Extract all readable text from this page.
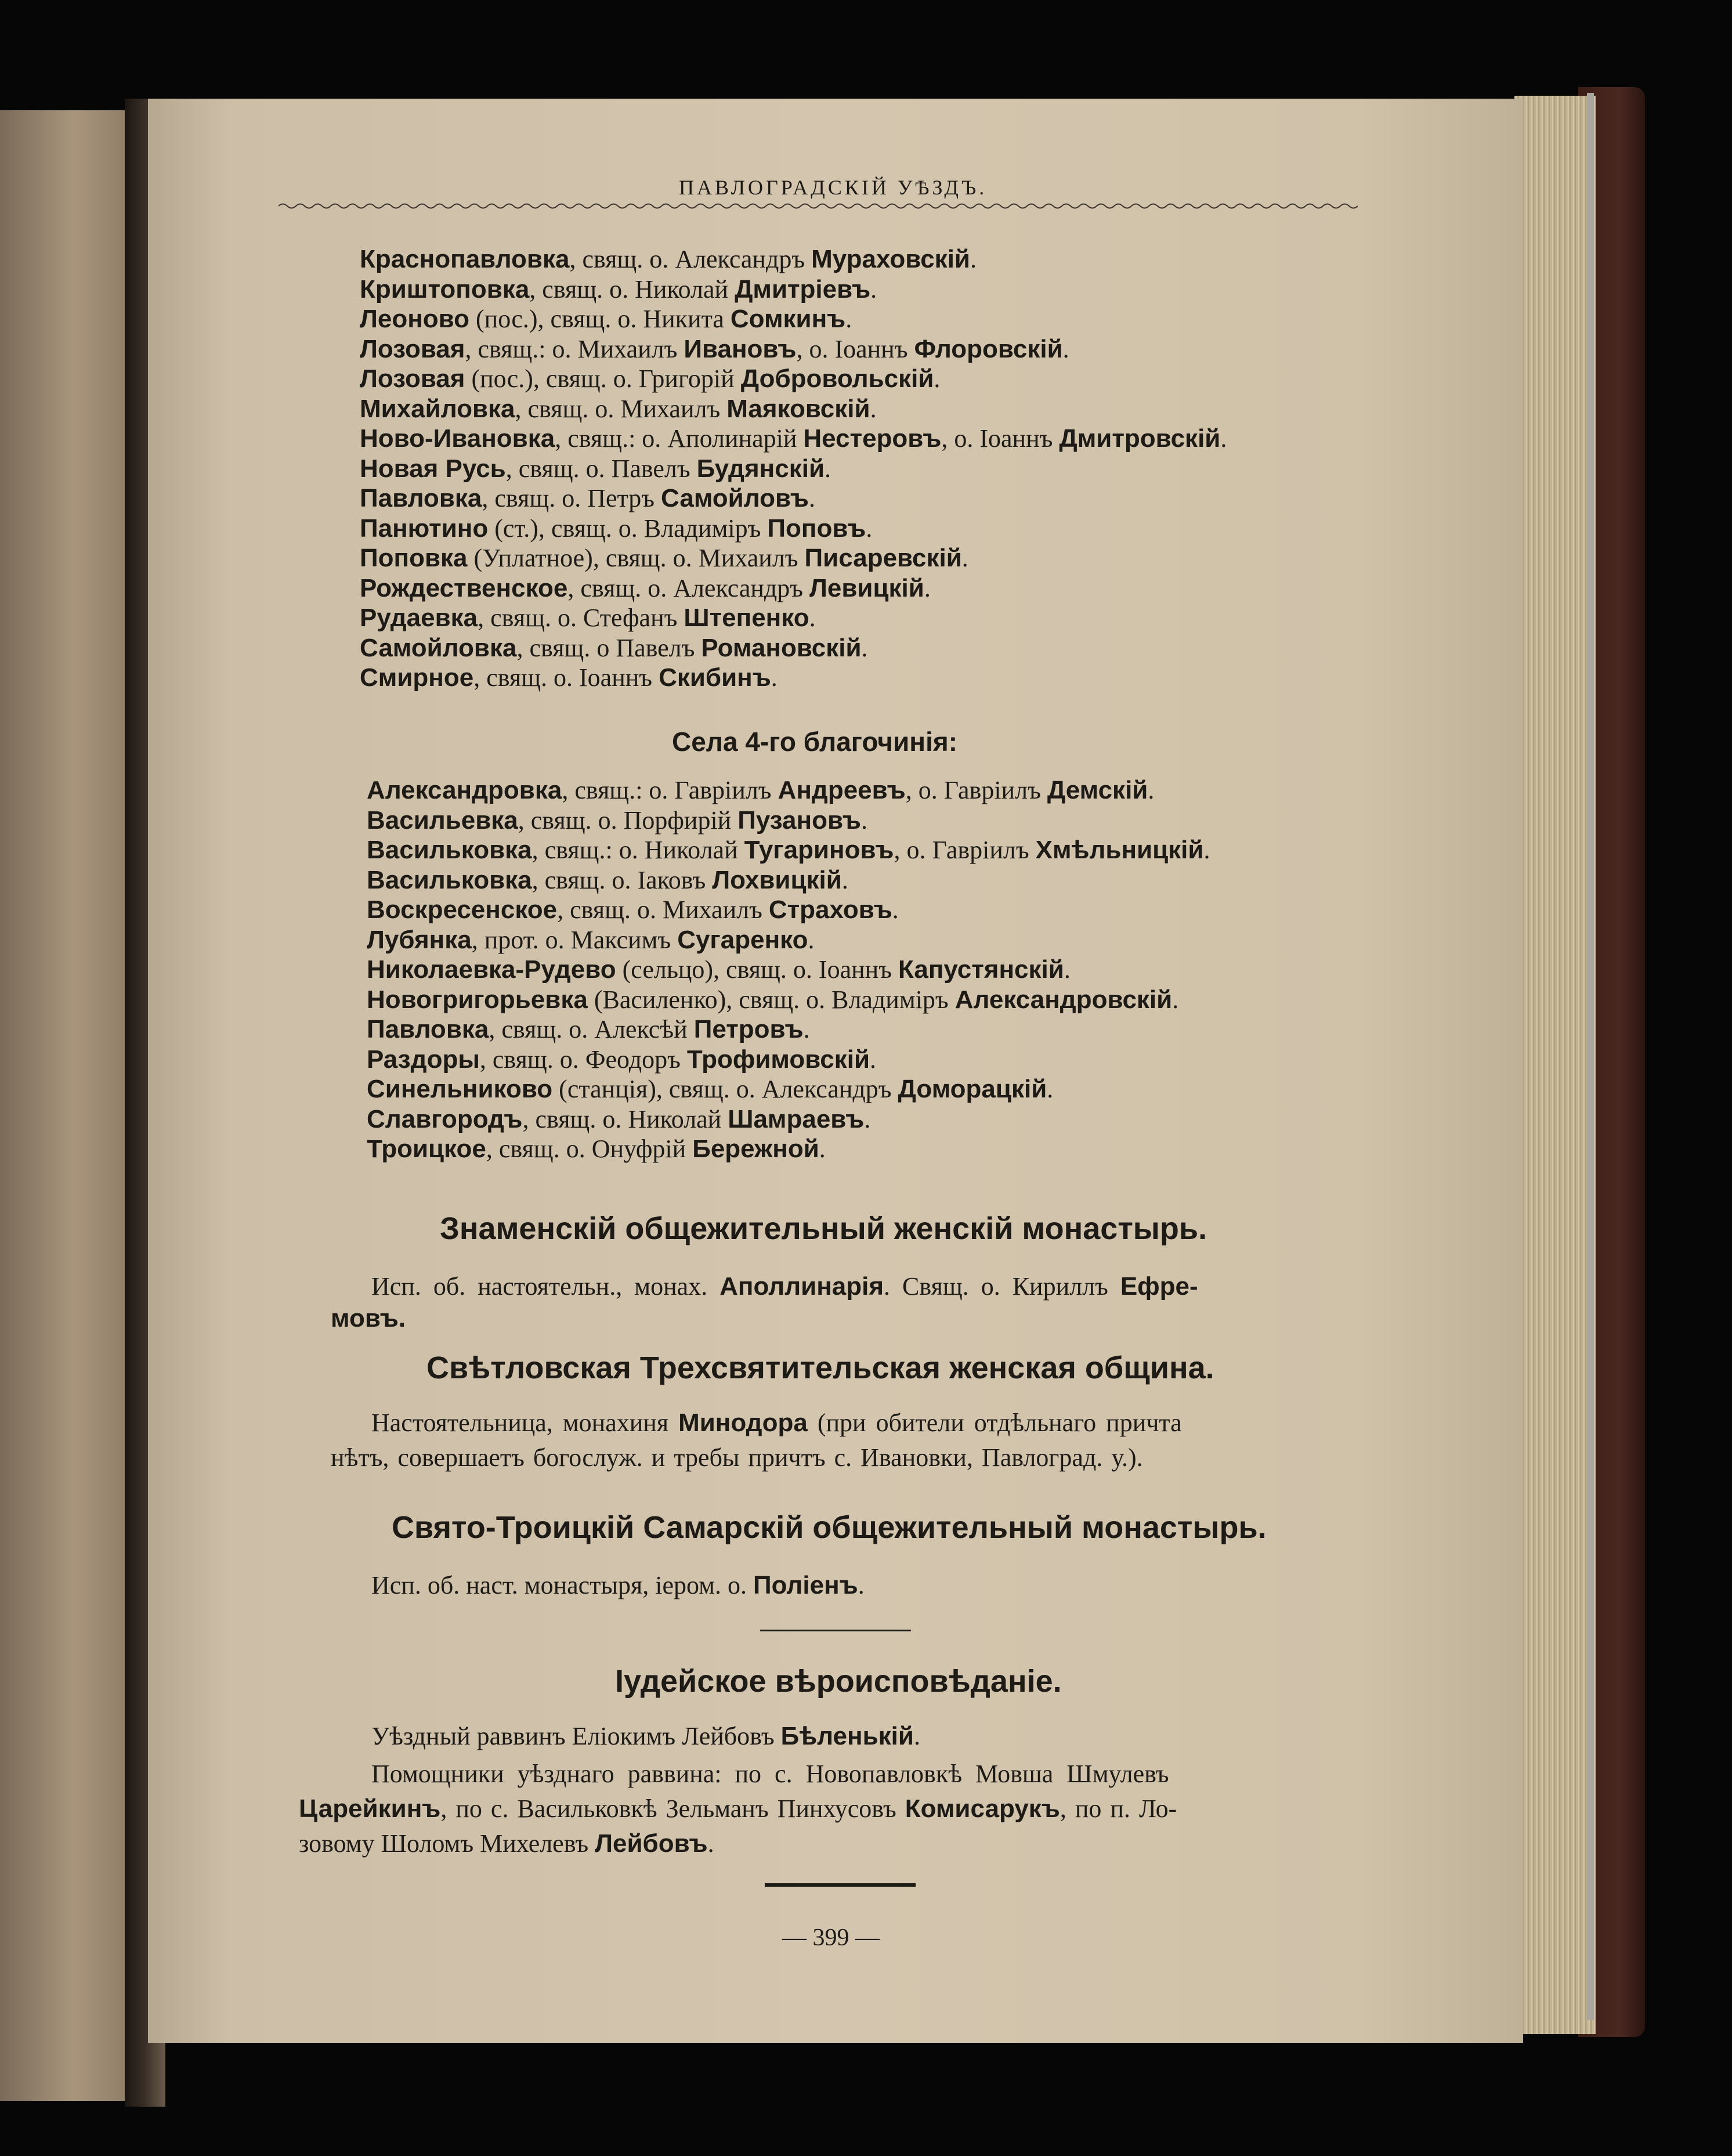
ПАВЛОГРАДСКІЙ УѢЗДЪ.
Краснопавловка, свящ. о. Александръ Мураховскій.
Криштоповка, свящ. о. Николай Дмитріевъ.
Леоново (пос.), свящ. о. Никита Сомкинъ.
Лозовая, свящ.: о. Михаилъ Ивановъ, о. Іоаннъ Флоровскій.
Лозовая (пос.), свящ. о. Григорій Добровольскій.
Михайловка, свящ. о. Михаилъ Маяковскій.
Ново-Ивановка, свящ.: о. Аполинарій Нестеровъ, о. Іоаннъ Дмитровскій.
Новая Русь, свящ. о. Павелъ Будянскій.
Павловка, свящ. о. Петръ Самойловъ.
Панютино (ст.), свящ. о. Владиміръ Поповъ.
Поповка (Уплатное), свящ. о. Михаилъ Писаревскій.
Рождественское, свящ. о. Александръ Левицкій.
Рудаевка, свящ. о. Стефанъ Штепенко.
Самойловка, свящ. о Павелъ Романовскій.
Смирное, свящ. о. Іоаннъ Скибинъ.
Села 4-го благочинія:
Александровка, свящ.: о. Гавріилъ Андреевъ, о. Гавріилъ Демскій.
Васильевка, свящ. о. Порфирій Пузановъ.
Васильковка, свящ.: о. Николай Тугариновъ, о. Гавріилъ Хмѣльницкій.
Васильковка, свящ. о. Іаковъ Лохвицкій.
Воскресенское, свящ. о. Михаилъ Страховъ.
Лубянка, прот. о. Максимъ Сугаренко.
Николаевка-Рудево (сельцо), свящ. о. Іоаннъ Капустянскій.
Новогригорьевка (Василенко), свящ. о. Владиміръ Александровскій.
Павловка, свящ. о. Алексѣй Петровъ.
Раздоры, свящ. о. Феодоръ Трофимовскій.
Синельниково (станція), свящ. о. Александръ Доморацкій.
Славгородъ, свящ. о. Николай Шамраевъ.
Троицкое, свящ. о. Онуфрій Бережной.
Знаменскій общежительный женскій монастырь.
Исп. об. настоятельн., монах. Аполлинарія. Свящ. о. Кириллъ Ефре-
мовъ.
Свѣтловская Трехсвятительская женская община.
Настоятельница, монахиня Минодора (при обители отдѣльнаго причта
нѣтъ, совершаетъ богослуж. и требы причтъ с. Ивановки, Павлоград. у.).
Свято-Троицкій Самарскій общежительный монастырь.
Исп. об. наст. монастыря, іером. о. Поліенъ.
Іудейское вѣроисповѣданіе.
Уѣздный раввинъ Еліокимъ Лейбовъ Бѣленькій.
Помощники уѣзднаго раввина: по с. Новопавловкѣ Мовша Шмулевъ
Царейкинъ, по с. Васильковкѣ Зельманъ Пинхусовъ Комисарукъ, по п. Ло-
зовому Шоломъ Михелевъ Лейбовъ.
— 399 —
